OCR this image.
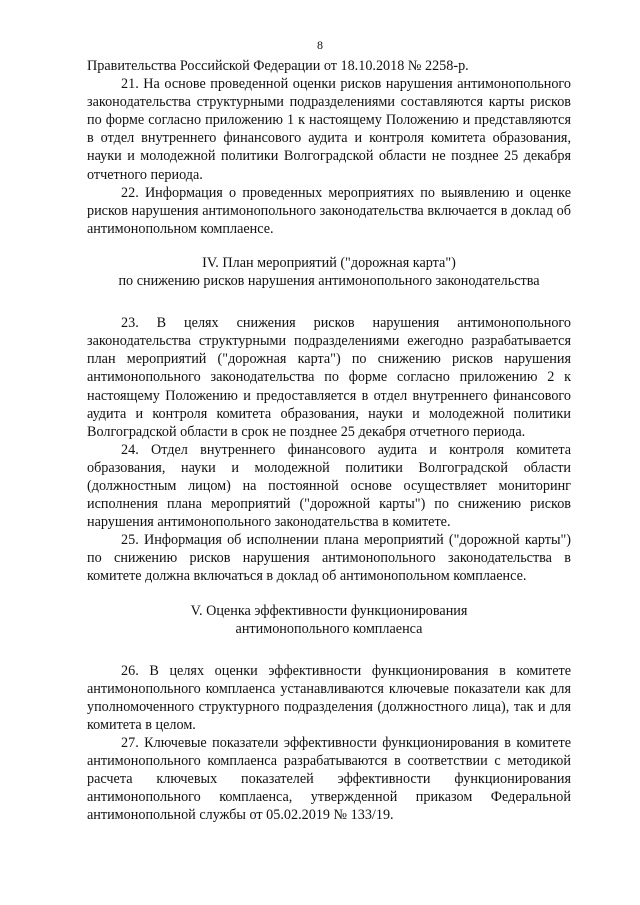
8

Правительства Российской Федерации от 18.10.2018 № 2258-р.

21. На основе проведенной оценки рисков нарушения антимонопольного законодательства структурными подразделениями составляются карты рисков по форме согласно приложению 1 к настоящему Положению и представляются в отдел внутреннего финансового аудита и контроля комитета образования, науки и молодежной политики Волгоградской области не позднее 25 декабря отчетного периода.

22. Информация о проведенных мероприятиях по выявлению и оценке рисков нарушения антимонопольного законодательства включается в доклад об антимонопольном комплаенсе.

IV. План мероприятий ("дорожная карта")

по снижению рисков нарушения антимонопольного законодательства

23. В целях снижения рисков нарушения антимонопольного законодательства структурными подразделениями ежегодно разрабатывается план мероприятий ("дорожная карта") по снижению рисков нарушения антимонопольного законодательства по форме согласно приложению 2 к настоящему Положению и предоставляется в отдел внутреннего финансового аудита и контроля комитета образования, науки и молодежной политики Волгоградской области в срок не позднее 25 декабря отчетного периода.

24. Отдел внутреннего финансового аудита и контроля комитета образования, науки и молодежной политики Волгоградской области (должностным лицом) на постоянной основе осуществляет мониторинг исполнения плана мероприятий ("дорожной карты") по снижению рисков нарушения антимонопольного законодательства в комитете.

25. Информация об исполнении плана мероприятий ("дорожной карты") по снижению рисков нарушения антимонопольного законодательства в комитете должна включаться в доклад об антимонопольном комплаенсе.

V. Оценка эффективности функционирования

антимонопольного комплаенса

26. В целях оценки эффективности функционирования в комитете антимонопольного комплаенса устанавливаются ключевые показатели как для уполномоченного структурного подразделения (должностного лица), так и для комитета в целом.

27. Ключевые показатели эффективности функционирования в комитете антимонопольного комплаенса разрабатываются в соответствии с методикой расчета ключевых показателей эффективности функционирования антимонопольного комплаенса, утвержденной приказом Федеральной антимонопольной службы от 05.02.2019 № 133/19.
